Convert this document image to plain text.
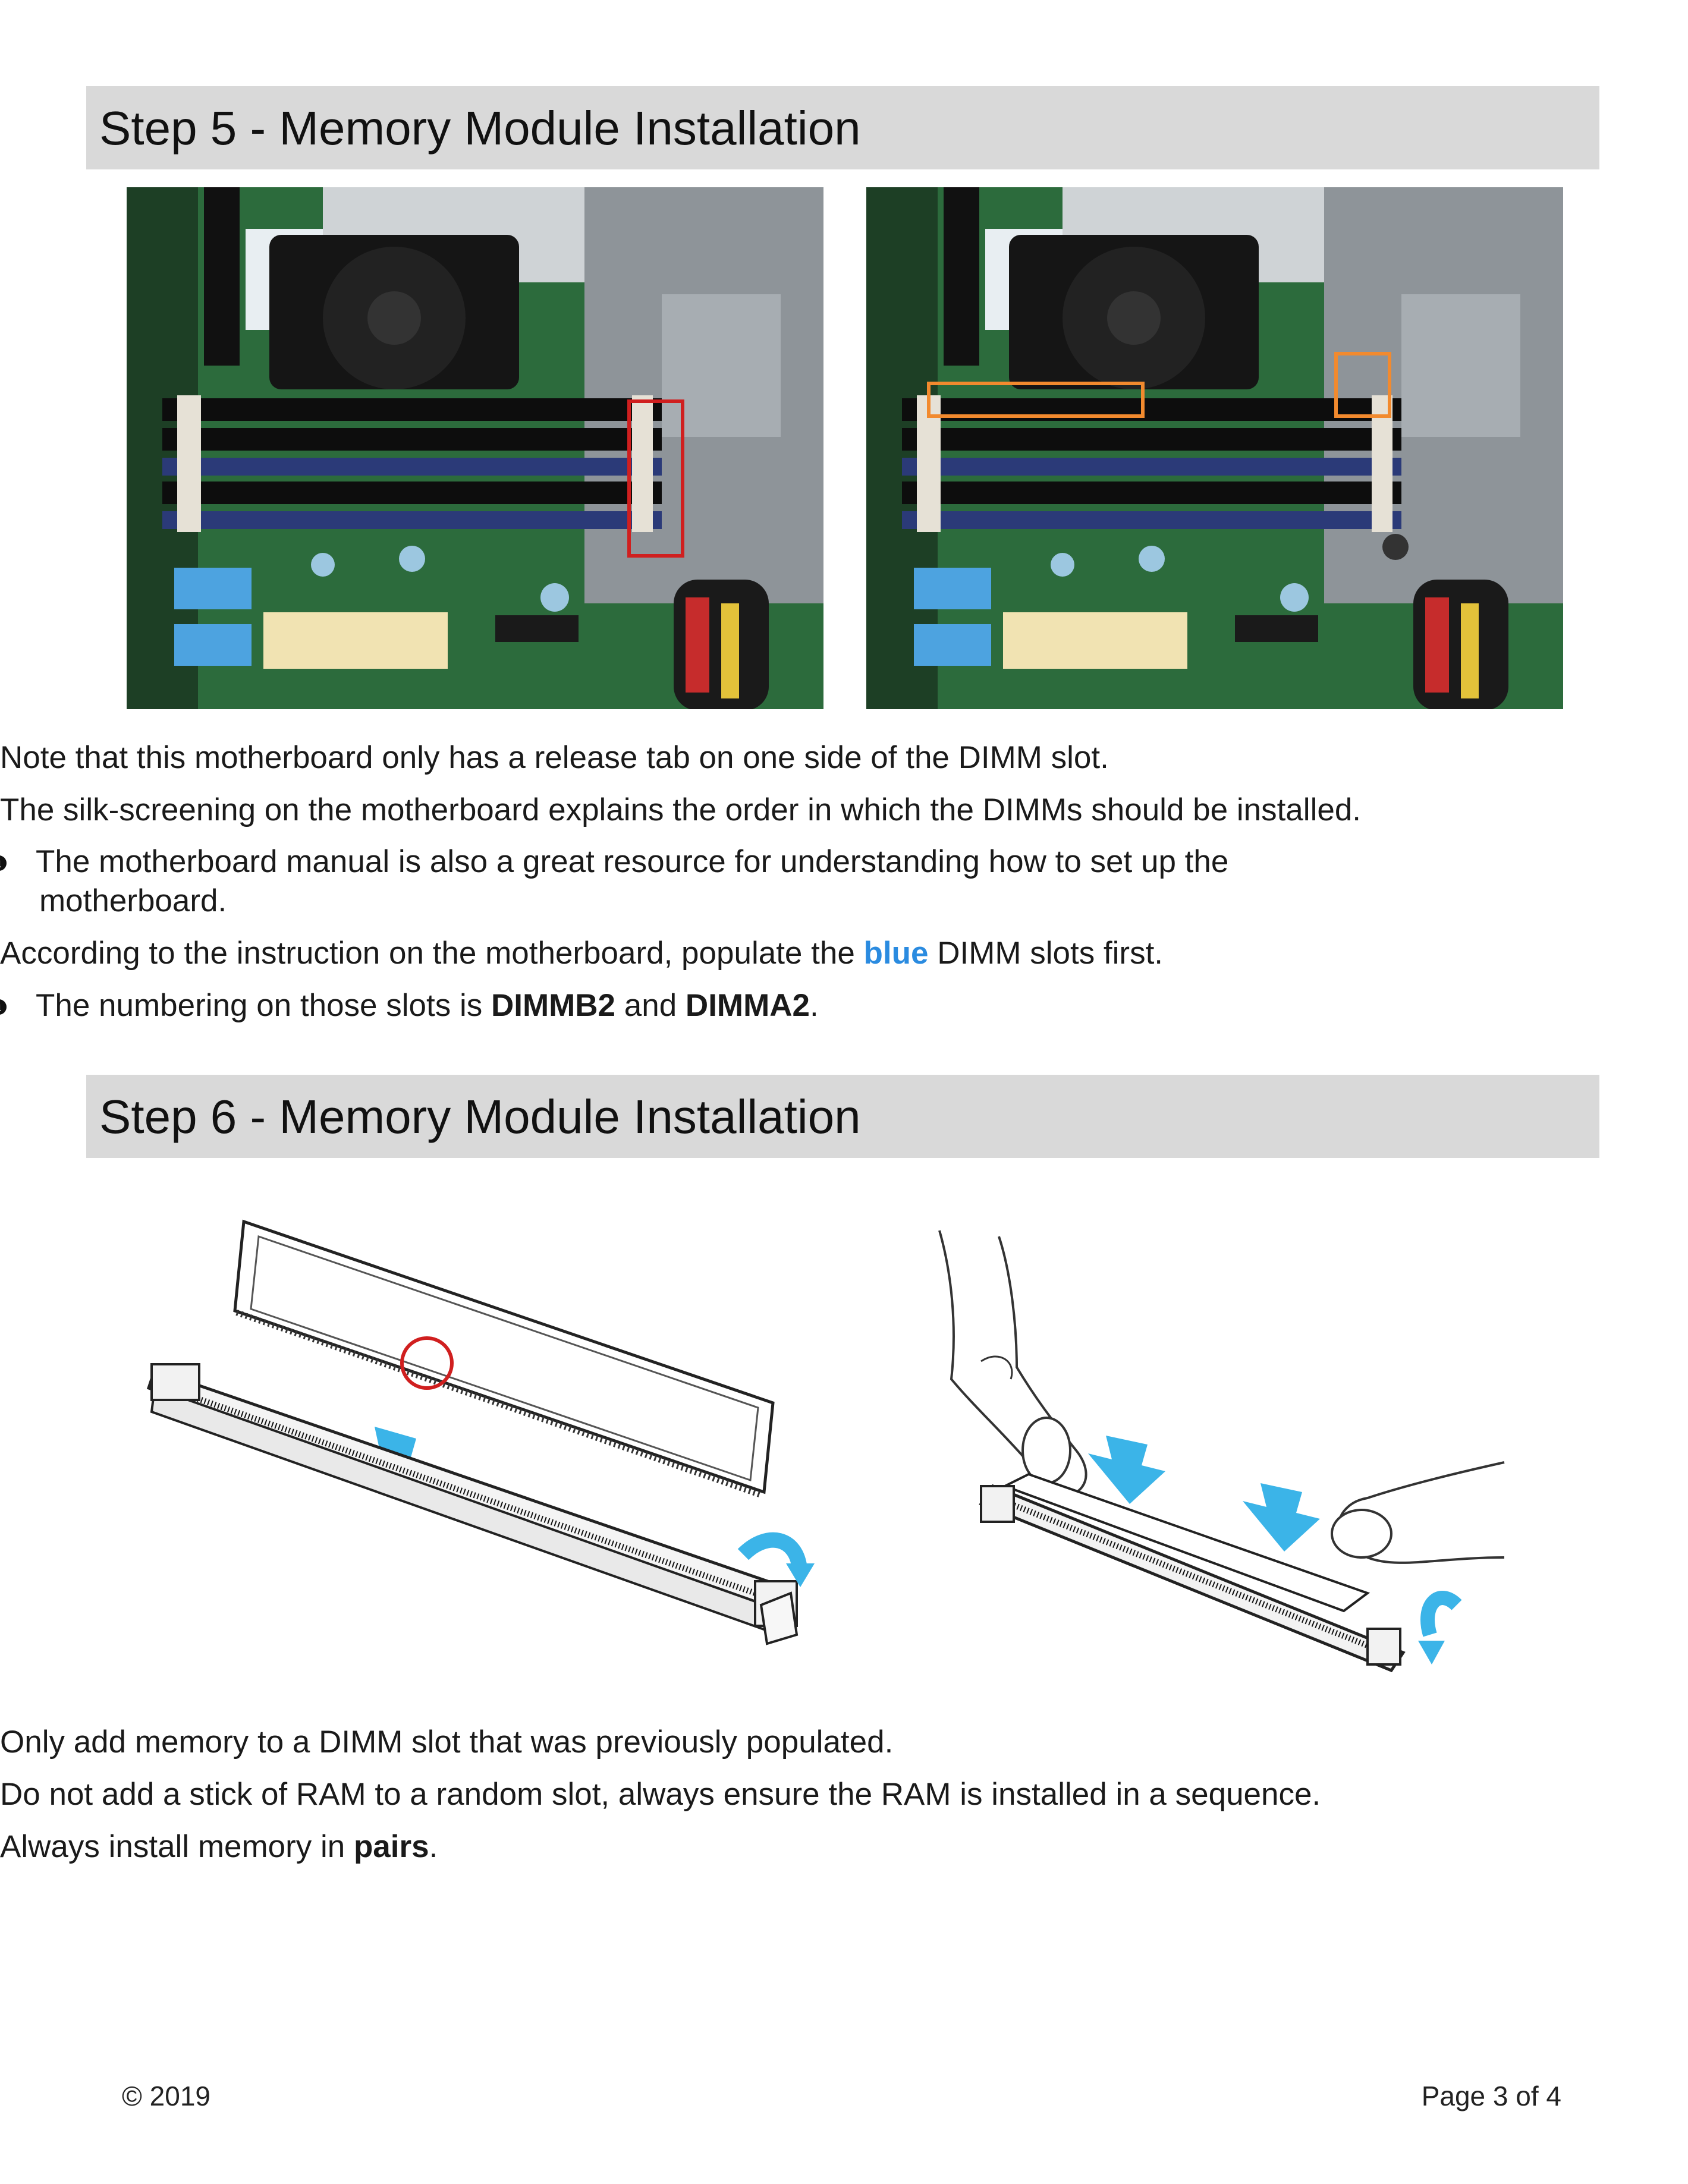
Step 5 - Memory Module Installation
Note that this motherboard only has a release tab on one side of the DIMM slot.
The silk-screening on the motherboard explains the order in which the DIMMs should be installed.
i
The motherboard manual is also a great resource for understanding how to set up the
motherboard.
According to the instruction on the motherboard, populate the blue DIMM slots first.
i
The numbering on those slots is DIMMB2 and DIMMA2.
Step 6 - Memory Module Installation
Only add memory to a DIMM slot that was previously populated.
Do not add a stick of RAM to a random slot, always ensure the RAM is installed in a sequence.
Always install memory in pairs.
© 2019	Page 3 of 4
